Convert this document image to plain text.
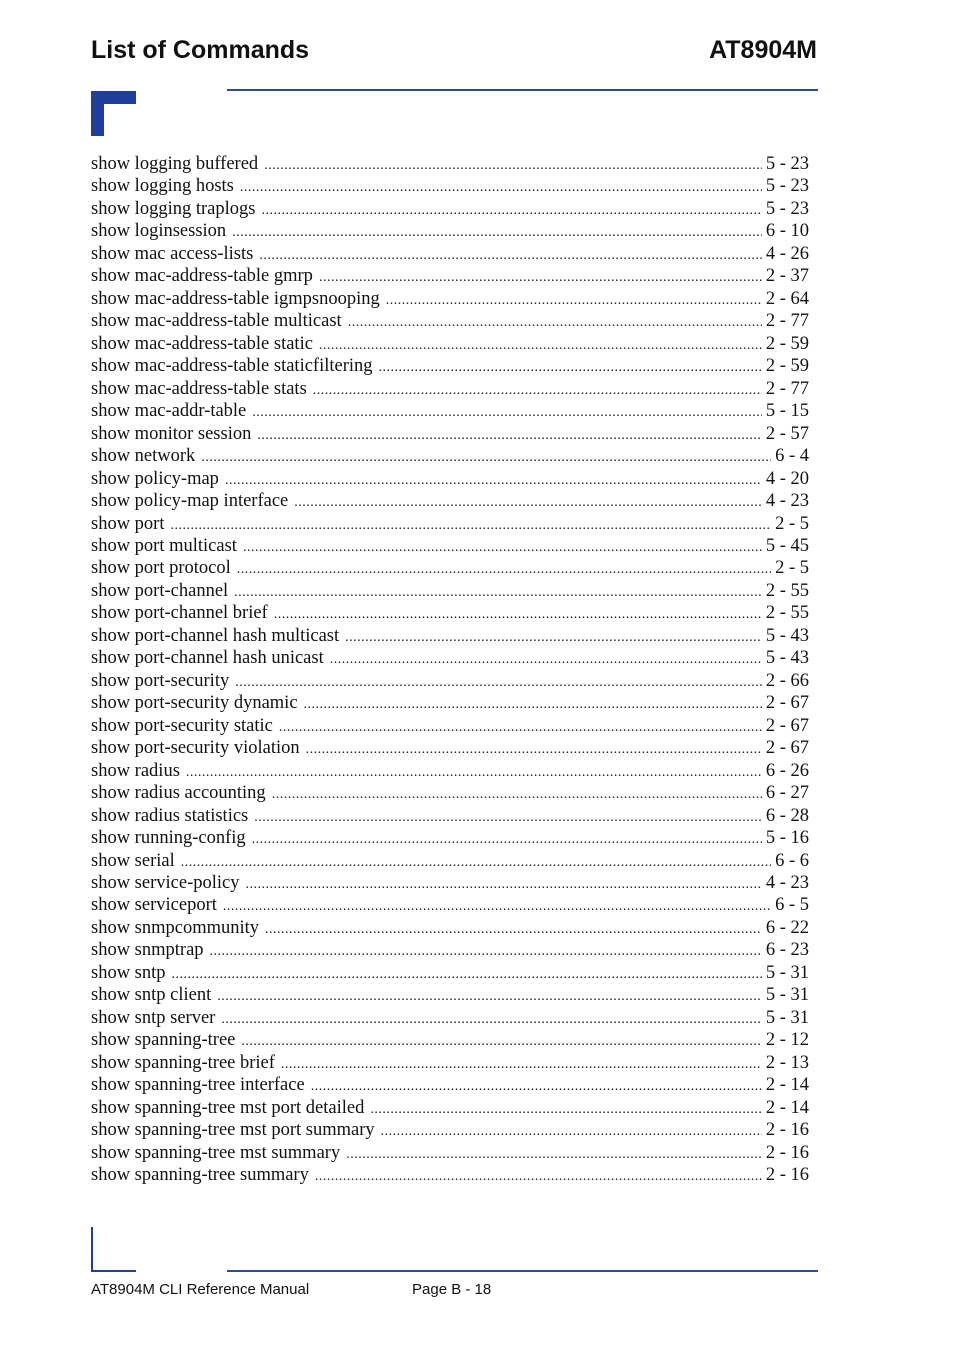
List of Commands	AT8904M
show logging buffered .....	5 - 23
show logging hosts .....	5 - 23
show logging traplogs .....	5 - 23
show loginsession .....	6 - 10
show mac access-lists .....	4 - 26
show mac-address-table gmrp .....	2 - 37
show mac-address-table igmpsnooping .....	2 - 64
show mac-address-table multicast .....	2 - 77
show mac-address-table static .....	2 - 59
show mac-address-table staticfiltering .....	2 - 59
show mac-address-table stats .....	2 - 77
show mac-addr-table .....	5 - 15
show monitor session .....	2 - 57
show network .....	6 - 4
show policy-map .....	4 - 20
show policy-map interface .....	4 - 23
show port .....	2 - 5
show port multicast .....	5 - 45
show port protocol .....	2 - 5
show port-channel .....	2 - 55
show port-channel brief .....	2 - 55
show port-channel hash multicast .....	5 - 43
show port-channel hash unicast .....	5 - 43
show port-security .....	2 - 66
show port-security dynamic .....	2 - 67
show port-security static .....	2 - 67
show port-security violation .....	2 - 67
show radius .....	6 - 26
show radius accounting .....	6 - 27
show radius statistics .....	6 - 28
show running-config .....	5 - 16
show serial .....	6 - 6
show service-policy .....	4 - 23
show serviceport .....	6 - 5
show snmpcommunity .....	6 - 22
show snmptrap .....	6 - 23
show sntp .....	5 - 31
show sntp client .....	5 - 31
show sntp server .....	5 - 31
show spanning-tree .....	2 - 12
show spanning-tree brief .....	2 - 13
show spanning-tree interface .....	2 - 14
show spanning-tree mst port detailed .....	2 - 14
show spanning-tree mst port summary .....	2 - 16
show spanning-tree mst summary .....	2 - 16
show spanning-tree summary .....	2 - 16
AT8904M CLI Reference Manual	Page B - 18
